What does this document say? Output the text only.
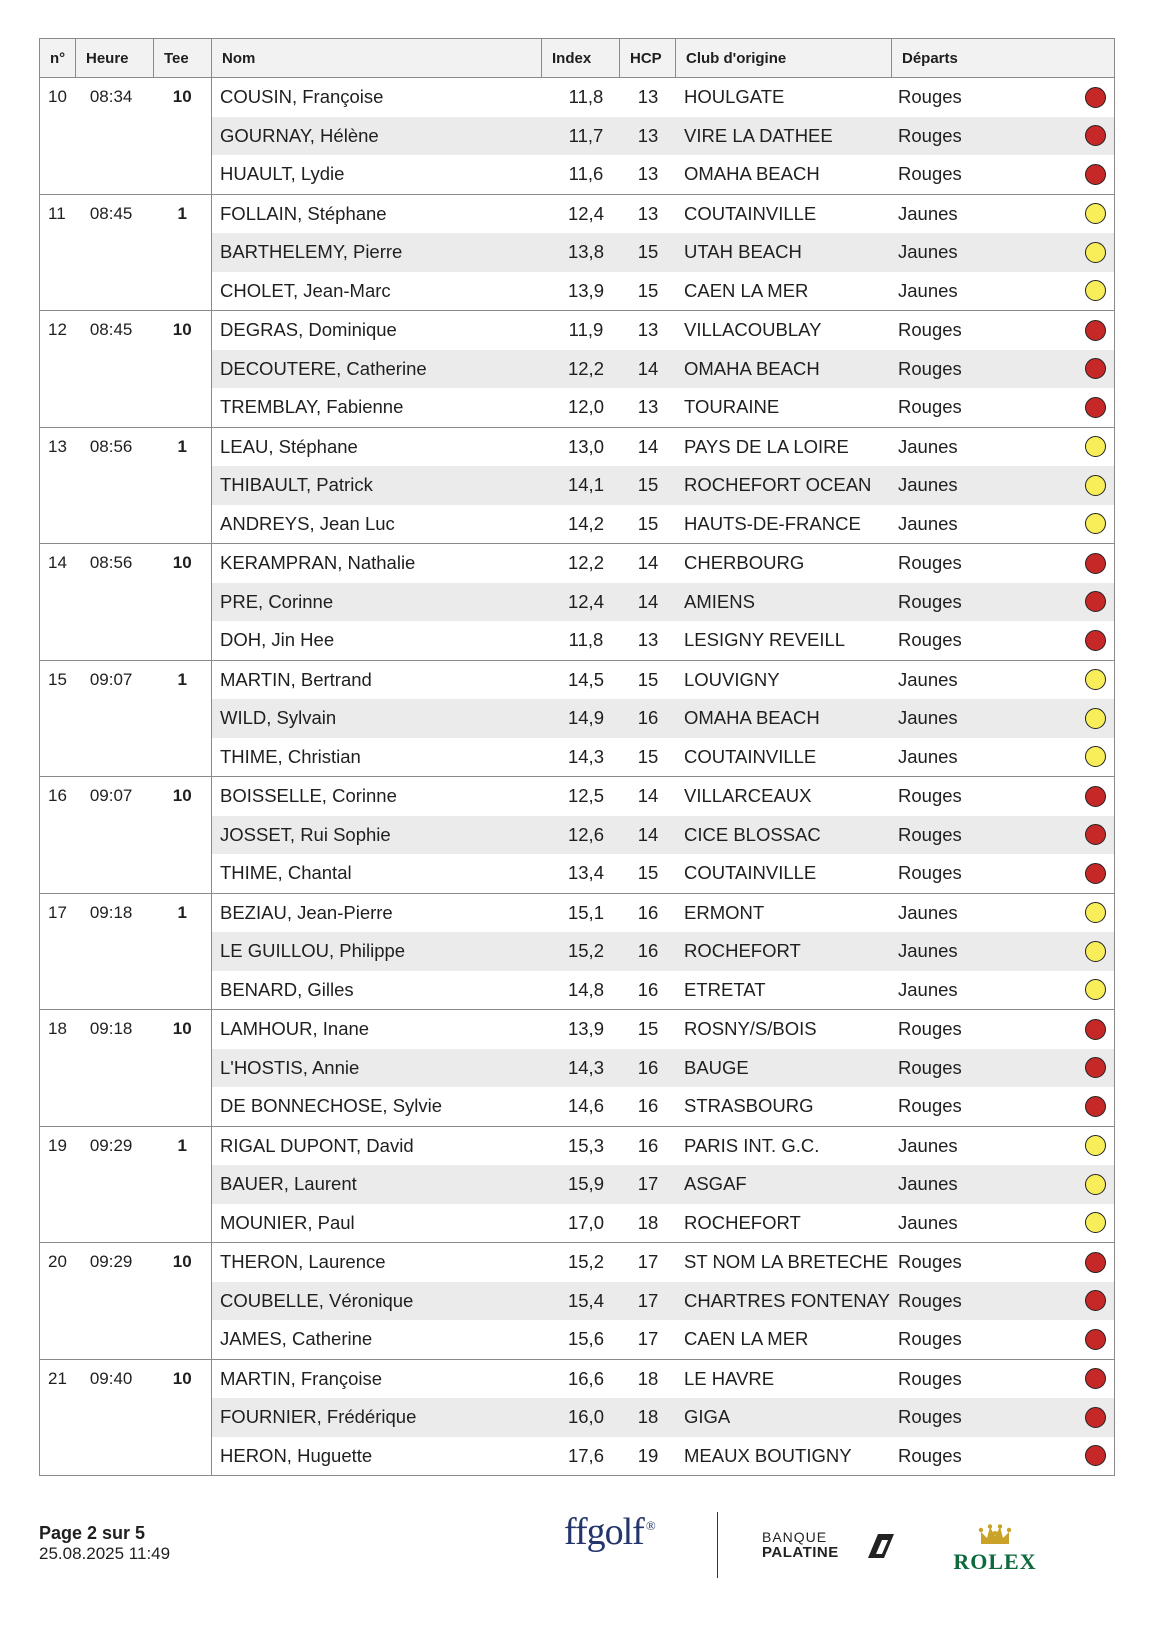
n°	Heure	Tee	Nom	Index	HCP	Club d'origine	Départs
10	08:34	10	COUSIN, Françoise	11,8	13	HOULGATE	Rouges
GOURNAY, Hélène	11,7	13	VIRE LA DATHEE	Rouges
HUAULT, Lydie	11,6	13	OMAHA BEACH	Rouges
11	08:45	1	FOLLAIN, Stéphane	12,4	13	COUTAINVILLE	Jaunes
BARTHELEMY, Pierre	13,8	15	UTAH BEACH	Jaunes
CHOLET, Jean-Marc	13,9	15	CAEN LA MER	Jaunes
12	08:45	10	DEGRAS, Dominique	11,9	13	VILLACOUBLAY	Rouges
DECOUTERE, Catherine	12,2	14	OMAHA BEACH	Rouges
TREMBLAY, Fabienne	12,0	13	TOURAINE	Rouges
13	08:56	1	LEAU, Stéphane	13,0	14	PAYS DE LA LOIRE	Jaunes
THIBAULT, Patrick	14,1	15	ROCHEFORT OCEAN	Jaunes
ANDREYS, Jean Luc	14,2	15	HAUTS-DE-FRANCE	Jaunes
14	08:56	10	KERAMPRAN, Nathalie	12,2	14	CHERBOURG	Rouges
PRE, Corinne	12,4	14	AMIENS	Rouges
DOH, Jin Hee	11,8	13	LESIGNY REVEILL	Rouges
15	09:07	1	MARTIN, Bertrand	14,5	15	LOUVIGNY	Jaunes
WILD, Sylvain	14,9	16	OMAHA BEACH	Jaunes
THIME, Christian	14,3	15	COUTAINVILLE	Jaunes
16	09:07	10	BOISSELLE, Corinne	12,5	14	VILLARCEAUX	Rouges
JOSSET, Rui Sophie	12,6	14	CICE BLOSSAC	Rouges
THIME, Chantal	13,4	15	COUTAINVILLE	Rouges
17	09:18	1	BEZIAU, Jean-Pierre	15,1	16	ERMONT	Jaunes
LE GUILLOU, Philippe	15,2	16	ROCHEFORT	Jaunes
BENARD, Gilles	14,8	16	ETRETAT	Jaunes
18	09:18	10	LAMHOUR, Inane	13,9	15	ROSNY/S/BOIS	Rouges
L'HOSTIS, Annie	14,3	16	BAUGE	Rouges
DE BONNECHOSE, Sylvie	14,6	16	STRASBOURG	Rouges
19	09:29	1	RIGAL DUPONT, David	15,3	16	PARIS INT. G.C.	Jaunes
BAUER, Laurent	15,9	17	ASGAF	Jaunes
MOUNIER, Paul	17,0	18	ROCHEFORT	Jaunes
20	09:29	10	THERON, Laurence	15,2	17	ST NOM LA BRETECHE Rouges
COUBELLE, Véronique	15,4	17	CHARTRES FONTENAY Rouges
JAMES, Catherine	15,6	17	CAEN LA MER	Rouges
21	09:40	10	MARTIN, Françoise	16,6	18	LE HAVRE	Rouges
FOURNIER, Frédérique	16,0	18	GIGA	Rouges
HERON, Huguette	17,6	19	MEAUX BOUTIGNY	Rouges
Page 2 sur 5
25.08.2025 11:49
ffgolf ®
BANQUE
PALATINE	ROLEX
